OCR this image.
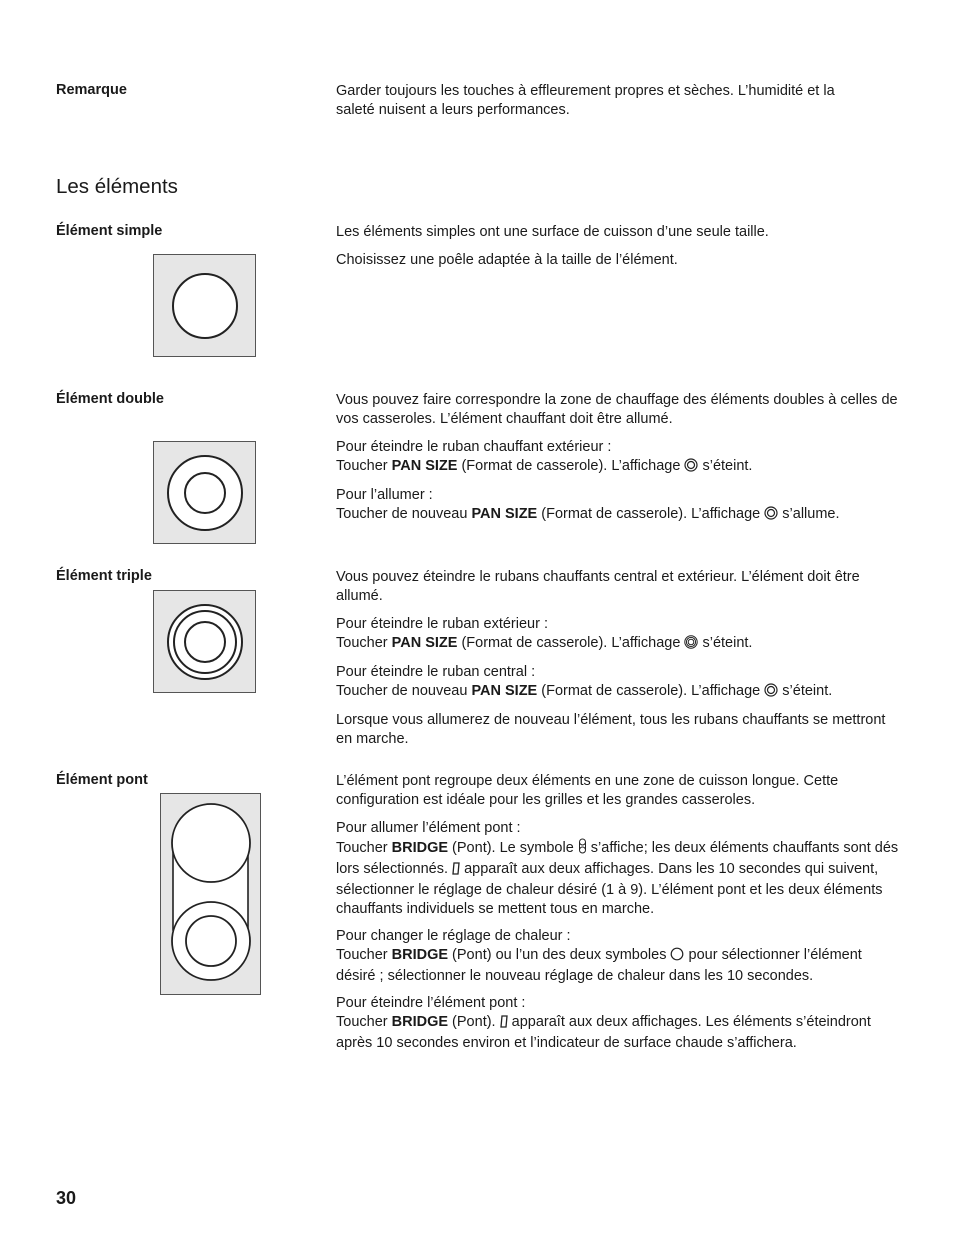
Remarque	Garder toujours les touches à effleurement propres et sèches. L’humidité et la saleté nuisent a leurs performances.

Les éléments
Élément simple	Les éléments simples ont une surface de cuisson d’une seule taille.

Choisissez une poêle adaptée à la taille de l’élément.

Élément double	Vous pouvez faire correspondre la zone de chauffage des éléments doubles à celles de vos casseroles. L’élément chauffant doit être allumé.

Pour éteindre le ruban chauffant extérieur :

Toucher PAN SIZE (Format de casserole). L’affichage  s’éteint.

Pour l’allumer :

Toucher de nouveau PAN SIZE (Format de casserole). L’affichage  s’allume.

Élément triple	Vous pouvez éteindre le rubans chauffants central et extérieur. L’élément doit être allumé.

Pour éteindre le ruban extérieur :

Toucher PAN SIZE (Format de casserole). L’affichage  s’éteint.

Pour éteindre le ruban central :

Toucher de nouveau PAN SIZE (Format de casserole). L’affichage  s’éteint.

Lorsque vous allumerez de nouveau l’élément, tous les rubans chauffants se mettront en marche.

Élément pont	L’élément pont regroupe deux éléments en une zone de cuisson longue. Cette configuration est idéale pour les grilles et les grandes casseroles.

Pour allumer l’élément pont :

Toucher BRIDGE (Pont). Le symbole  s’affiche; les deux éléments chauffants sont dés lors sélectionnés.  apparaît aux deux affichages. Dans les 10 secondes qui suivent, sélectionner le réglage de chaleur désiré (1 à 9). L’élément pont et les deux éléments chauffants individuels se mettent tous en marche.

Pour changer le réglage de chaleur :

Toucher BRIDGE (Pont) ou l’un des deux symboles  pour sélectionner l’élément désiré ; sélectionner le nouveau réglage de chaleur dans les 10 secondes.

Pour éteindre l’élément pont :

Toucher BRIDGE (Pont).  apparaît aux deux affichages. Les éléments s’éteindront après 10 secondes environ et l’indicateur de surface chaude s’affichera.

30
